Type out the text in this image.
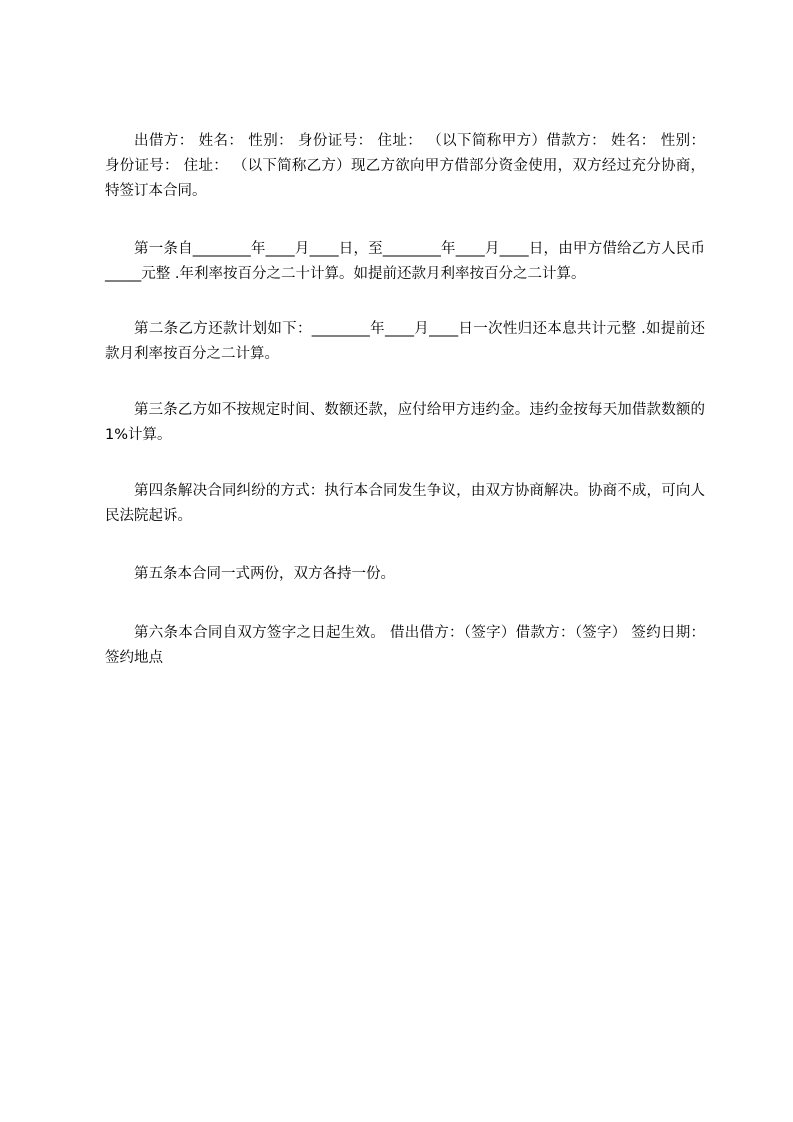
出借方： 姓名： 性别： 身份证号： 住址： （以下简称甲方）借款方： 姓名： 性别： 身份证号： 住址： （以下简称乙方）现乙方欲向甲方借部分资金使用，双方经过充分协商，特签订本合同。

第一条自________年____月____日，至________年____月____日，由甲方借给乙方人民币_____元整 .年利率按百分之二十计算。如提前还款月利率按百分之二计算。

第二条乙方还款计划如下：________年____月____日一次性归还本息共计元整 .如提前还款月利率按百分之二计算。

第三条乙方如不按规定时间、数额还款，应付给甲方违约金。违约金按每天加借款数额的 1%计算。

第四条解决合同纠纷的方式：执行本合同发生争议，由双方协商解决。协商不成，可向人民法院起诉。

第五条本合同一式两份，双方各持一份。

第六条本合同自双方签字之日起生效。 借出借方：（签字）借款方：（签字） 签约日期： 签约地点
